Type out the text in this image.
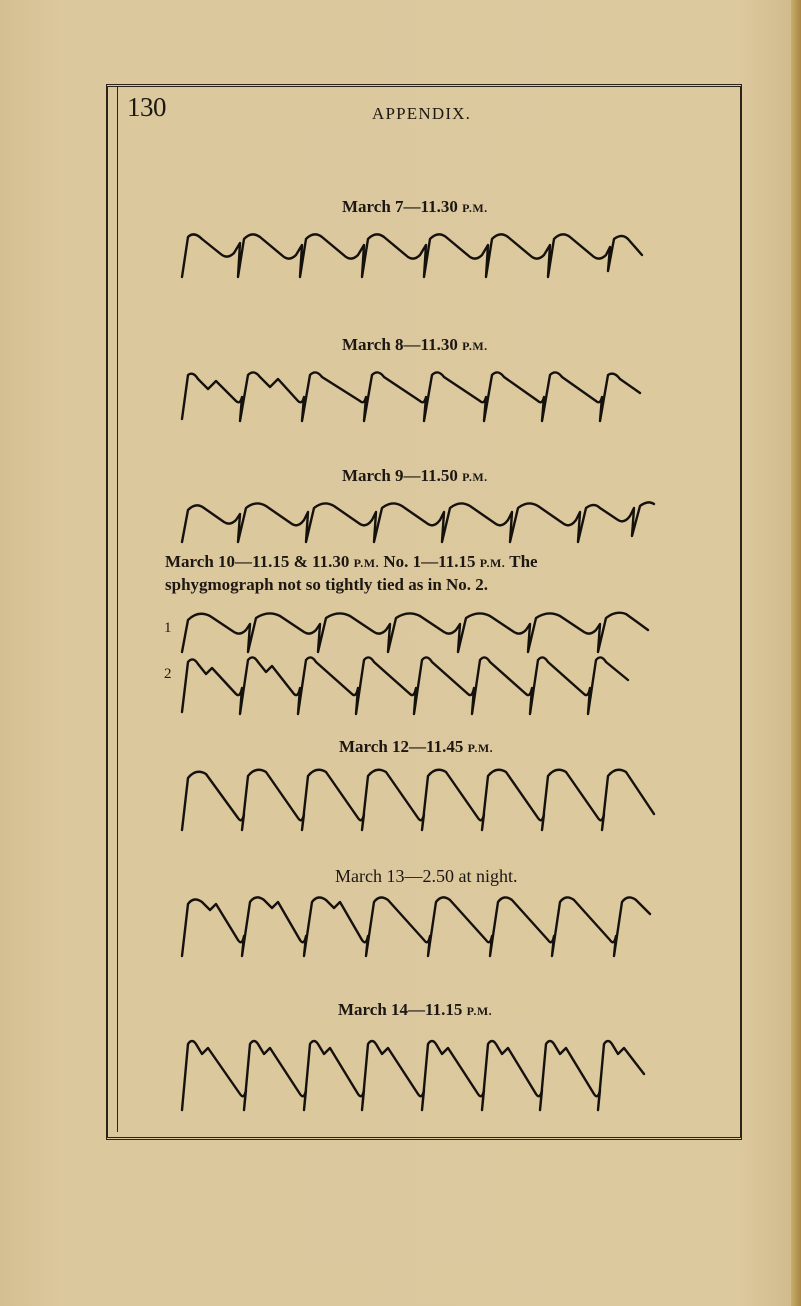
130	APPENDIX.
March 7—11.30 P.M.
March 8—11.30 P.M.
March 9—11.50 P.M.
March 10—11.15 & 11.30 P.M. No. 1—11.15 P.M. The
sphygmograph not so tightly tied as in No. 2.
1
2
March 12—11.45 P.M.
March 13—2.50 at night.
March 14—11.15 P.M.
